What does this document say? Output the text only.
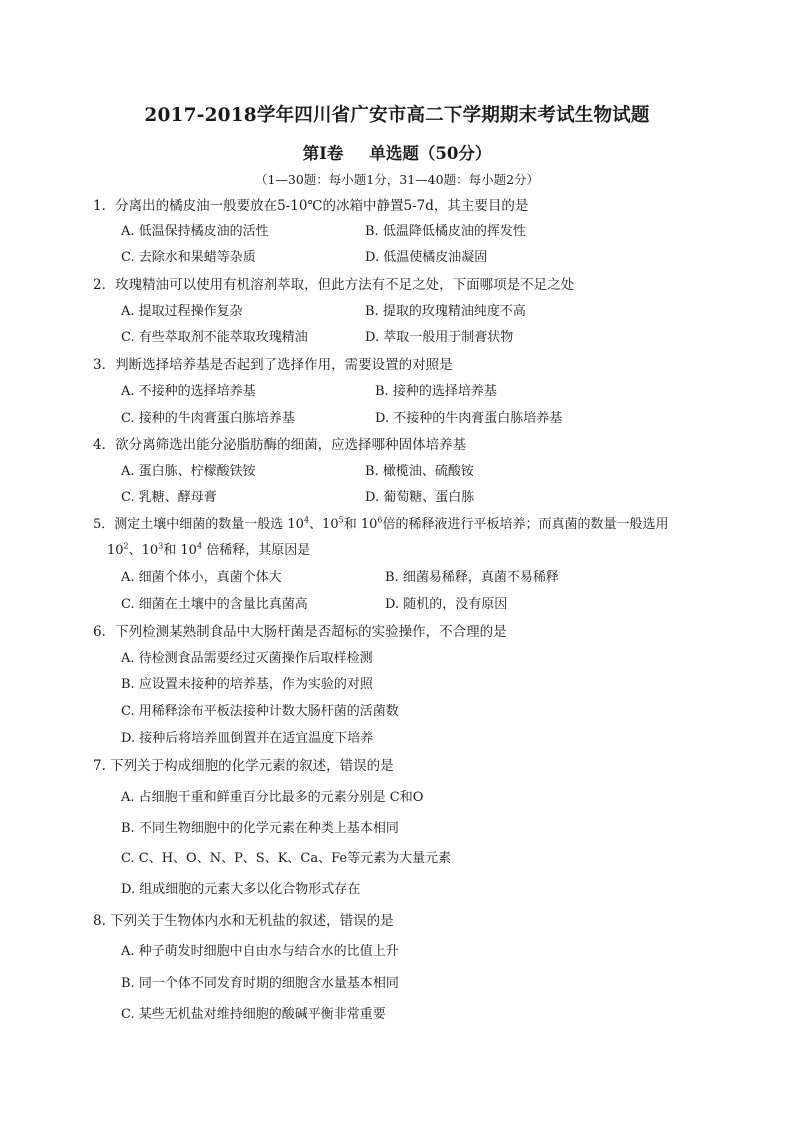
2017-2018学年四川省广安市高二下学期期末考试生物试题
第Ⅰ卷 单选题（50分）
（1—30题：每小题1分，31—40题：每小题2分）
1．分离出的橘皮油一般要放在5-10℃的冰箱中静置5-7d，其主要目的是
A. 低温保持橘皮油的活性	B. 低温降低橘皮油的挥发性
C. 去除水和果蜡等杂质	D. 低温使橘皮油凝固
2．玫瑰精油可以使用有机溶剂萃取，但此方法有不足之处，下面哪项是不足之处
A. 提取过程操作复杂	B. 提取的玫瑰精油纯度不高
C. 有些萃取剂不能萃取玫瑰精油	D. 萃取一般用于制膏状物
3．判断选择培养基是否起到了选择作用，需要设置的对照是
A. 不接种的选择培养基	B. 接种的选择培养基
C. 接种的牛肉膏蛋白胨培养基	D. 不接种的牛肉膏蛋白胨培养基
4．欲分离筛选出能分泌脂肪酶的细菌，应选择哪种固体培养基
A. 蛋白胨、柠檬酸铁铵	B. 橄榄油、硫酸铵
C. 乳糖、酵母膏	D. 葡萄糖、蛋白胨
5．测定土壤中细菌的数量一般选 $10^4$、$10^5$和 $10^6$倍的稀释液进行平板培养；而真菌的数量一般选用
$10^2$、$10^3$和 $10^4$ 倍稀释，其原因是
A. 细菌个体小，真菌个体大	B. 细菌易稀释，真菌不易稀释
C. 细菌在土壤中的含量比真菌高	D. 随机的，没有原因
6．下列检测某熟制食品中大肠杆菌是否超标的实验操作，不合理的是
A. 待检测食品需要经过灭菌操作后取样检测
B. 应设置未接种的培养基，作为实验的对照
C. 用稀释涂布平板法接种计数大肠杆菌的活菌数
D. 接种后将培养皿倒置并在适宜温度下培养
7. 下列关于构成细胞的化学元素的叙述，错误的是
A. 占细胞干重和鲜重百分比最多的元素分别是 C和O
B. 不同生物细胞中的化学元素在种类上基本相同
C. C、H、O、N、P、S、K、Ca、Fe等元素为大量元素
D. 组成细胞的元素大多以化合物形式存在
8. 下列关于生物体内水和无机盐的叙述，错误的是
A. 种子萌发时细胞中自由水与结合水的比值上升
B. 同一个体不同发育时期的细胞含水量基本相同
C. 某些无机盐对维持细胞的酸碱平衡非常重要
